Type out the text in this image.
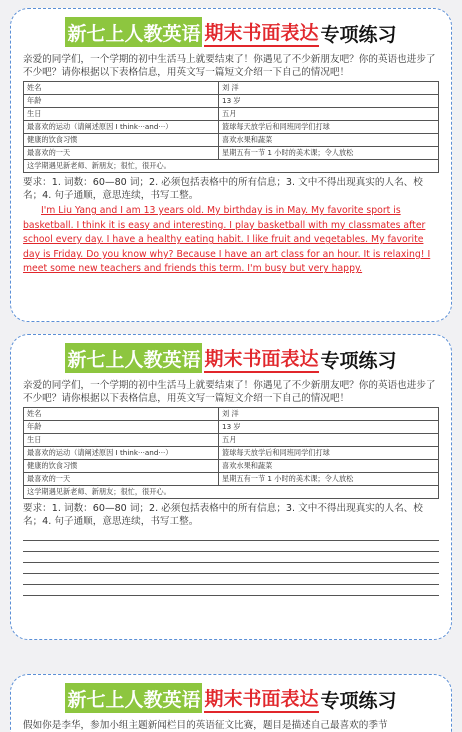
新七上人教英语 期末书面表达 专项练习
亲爱的同学们，一个学期的初中生活马上就要结束了！你遇见了不少新朋友吧？你的英语也进步了不少吧？请你根据以下表格信息，用英文写一篇短文介绍一下自己的情况吧！
姓名	刘 洋
年龄	13 岁
生日	五月
最喜欢的运动（请阐述原因 I think···and···）	篮球每天放学后和同班同学们打球
健康的饮食习惯	喜欢水果和蔬菜
最喜欢的一天	星期五有一节 1 小时的美术课；令人放松
这学期遇见新老师、新朋友；很忙，很开心。	
要求：1. 词数：60—80 词；2. 必须包括表格中的所有信息；3. 文中不得出现真实的人名、校名；4. 句子通顺，意思连续，书写工整。
I'm Liu Yang and I am 13 years old. My birthday is in May. My favorite sport is basketball. I think it is easy and interesting. I play basketball with my classmates after school every day. I have a healthy eating habit. I like fruit and vegetables. My favorite day is Friday. Do you know why? Because I have an art class for an hour. It is relaxing! I meet some new teachers and friends this term. I'm busy but very happy.
新七上人教英语 期末书面表达 专项练习
亲爱的同学们，一个学期的初中生活马上就要结束了！你遇见了不少新朋友吧？你的英语也进步了不少吧？请你根据以下表格信息，用英文写一篇短文介绍一下自己的情况吧！
姓名	刘 洋
年龄	13 岁
生日	五月
最喜欢的运动（请阐述原因 I think···and···）	篮球每天放学后和同班同学们打球
健康的饮食习惯	喜欢水果和蔬菜
最喜欢的一天	星期五有一节 1 小时的美术课；令人放松
这学期遇见新老师、新朋友；很忙，很开心。	
要求：1. 词数：60—80 词；2. 必须包括表格中的所有信息；3. 文中不得出现真实的人名、校名；4. 句子通顺，意思连续，书写工整。
新七上人教英语 期末书面表达 专项练习
假如你是李华，参加小组主题新闻栏目的英语征文比赛，题目是描述自己最喜欢的季节
